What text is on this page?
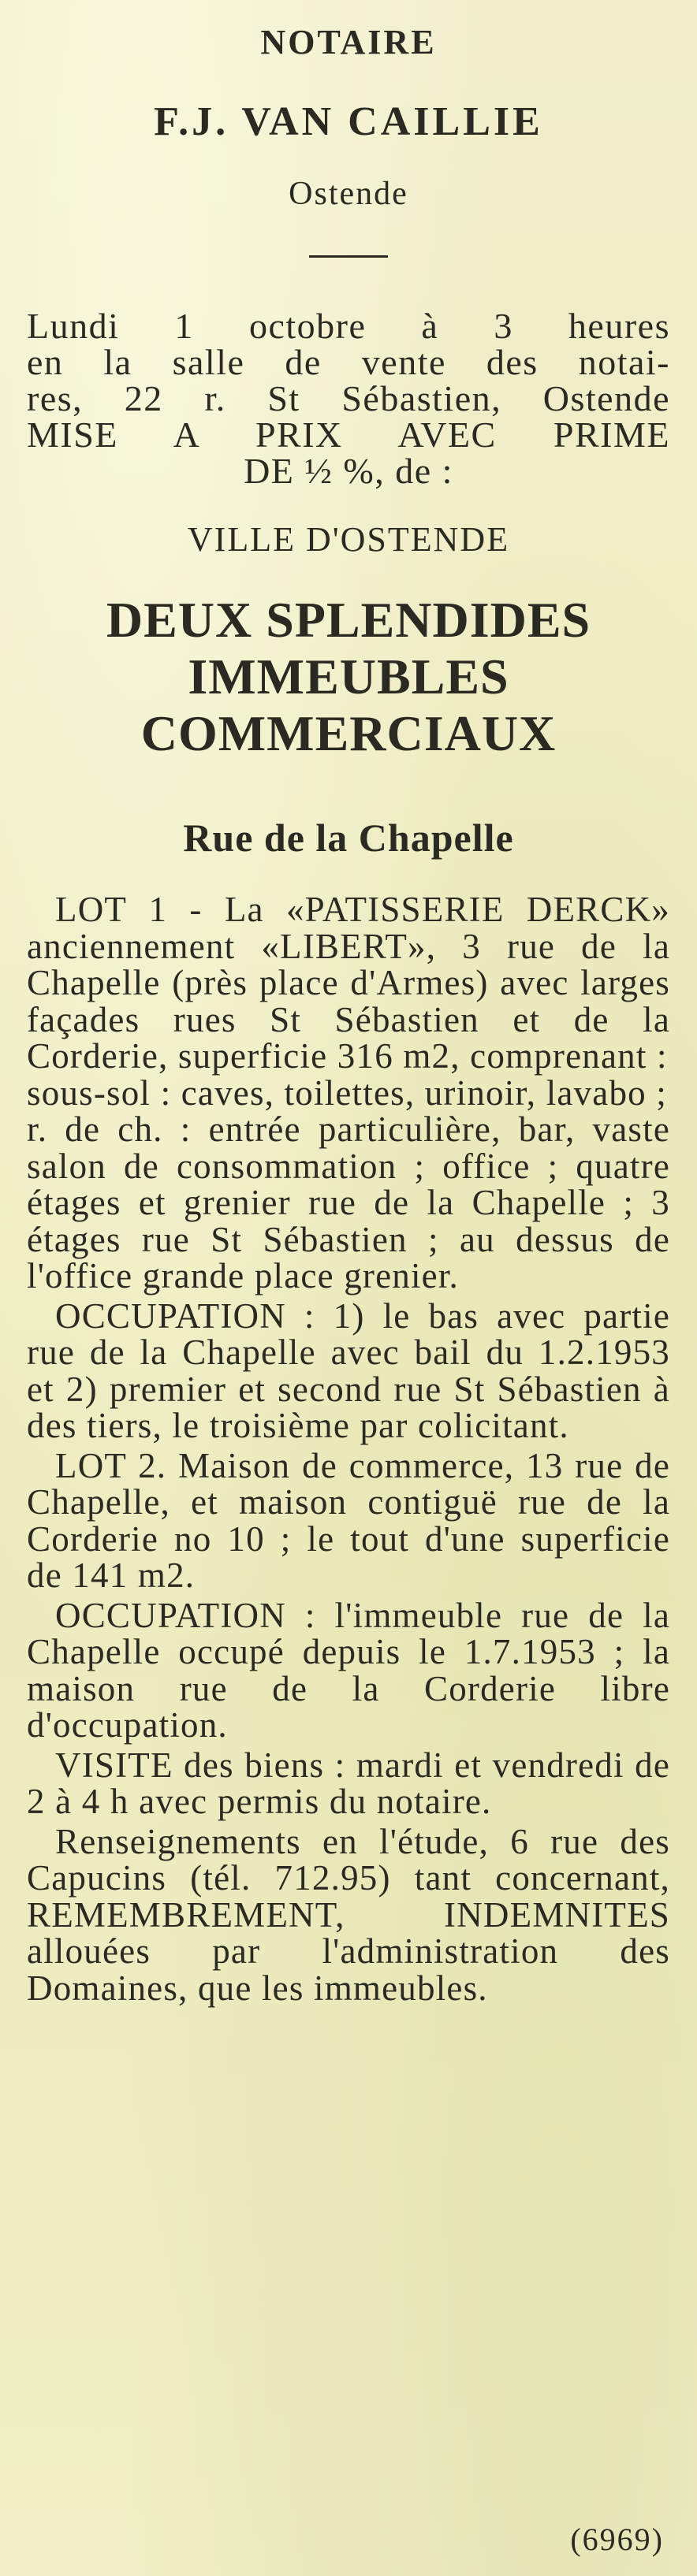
NOTAIRE
F.J. VAN CAILLIE
Ostende
Lundi 1 octobre à 3 heures
en la salle de vente des notai-
res, 22 r. St Sébastien, Ostende
MISE A PRIX AVEC PRIME
DE ½ %, de :
VILLE D'OSTENDE
DEUX SPLENDIDES
IMMEUBLES
COMMERCIAUX
Rue de la Chapelle

LOT 1 - La «PATISSERIE DERCK» anciennement «LIBERT», 3 rue de la Chapelle (près place d'Armes) avec larges façades rues St Sébastien et de la Corderie, superficie 316 m2, comprenant :

sous-sol : caves, toilettes, urinoir, lavabo ;

r. de ch. : entrée particulière, bar, vaste salon de consommation ; office ; quatre étages et grenier rue de la Chapelle ; 3 étages rue St Sébastien ; au dessus de l'office grande place grenier.

OCCUPATION : 1) le bas avec partie rue de la Chapelle avec bail du 1.2.1953 et 2) premier et second rue St Sébastien à des tiers, le troisième par colicitant.

LOT 2. Maison de commerce, 13 rue de Chapelle, et maison contiguë rue de la Corderie no 10 ; le tout d'une superficie de 141 m2.

OCCUPATION : l'immeuble rue de la Chapelle occupé depuis le 1.7.1953 ; la maison rue de la Corderie libre d'occupation.

VISITE des biens : mardi et vendredi de 2 à 4 h avec permis du notaire.

Renseignements en l'étude, 6 rue des Capucins (tél. 712.95) tant concernant, REMEMBREMENT, INDEMNITES allouées par l'administration des Domaines, que les immeubles.

(6969)
